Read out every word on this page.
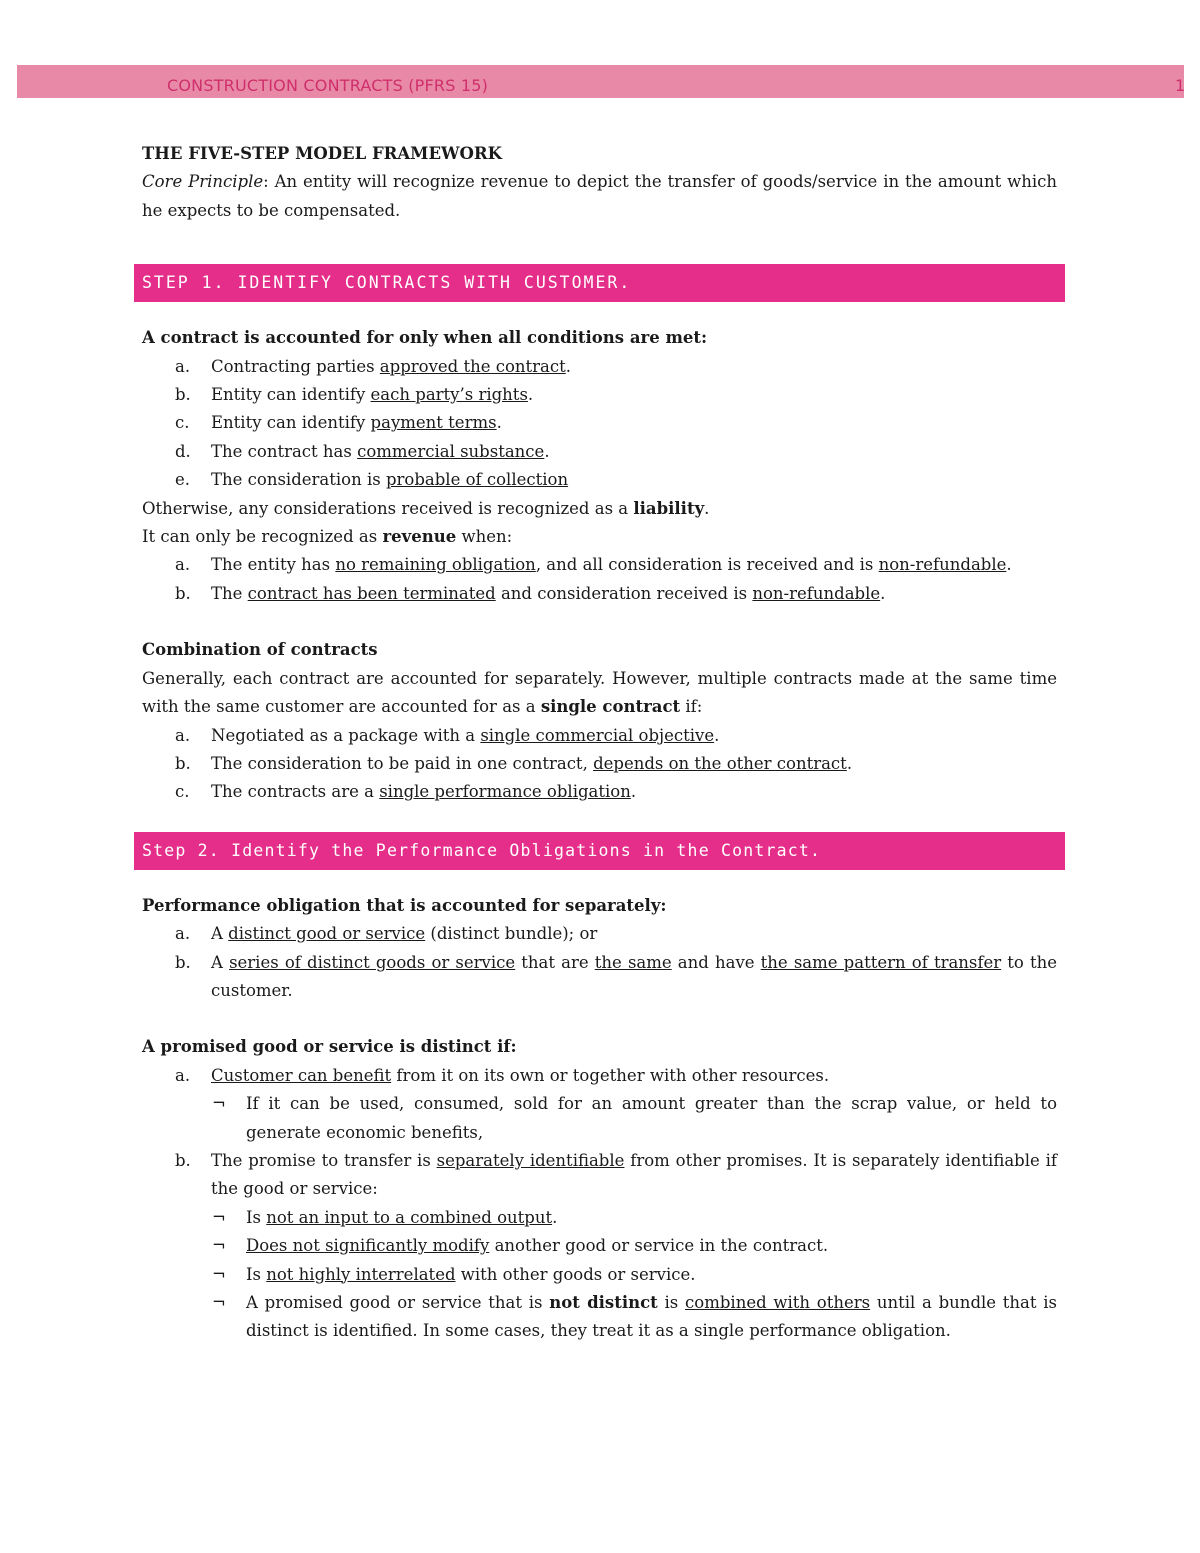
CONSTRUCTION CONTRACTS (PFRS 15)	1

THE FIVE-STEP MODEL FRAMEWORK

Core Principle: An entity will recognize revenue to depict the transfer of goods/service in the amount which he expects to be compensated.

STEP 1. IDENTIFY CONTRACTS WITH CUSTOMER.

A contract is accounted for only when all conditions are met:

a.	Contracting parties approved the contract.
b.	Entity can identify each party’s rights.
c.	Entity can identify payment terms.
d.	The contract has commercial substance.
e.	The consideration is probable of collection

Otherwise, any considerations received is recognized as a liability.

It can only be recognized as revenue when:

a.	The entity has no remaining obligation, and all consideration is received and is non-refundable.
b.	The contract has been terminated and consideration received is non-refundable.

Combination of contracts

Generally, each contract are accounted for separately. However, multiple contracts made at the same time with the same customer are accounted for as a single contract if:

a.	Negotiated as a package with a single commercial objective.
b.	The consideration to be paid in one contract, depends on the other contract.
c.	The contracts are a single performance obligation.
Step 2. Identify the Performance Obligations in the Contract.

Performance obligation that is accounted for separately:

a.	A distinct good or service (distinct bundle); or
b.	A series of distinct goods or service that are the same and have the same pattern of transfer to the customer.

A promised good or service is distinct if:

a.	Customer can benefit from it on its own or together with other resources.
¬	If it can be used, consumed, sold for an amount greater than the scrap value, or held to generate economic benefits,
b.	The promise to transfer is separately identifiable from other promises. It is separately identifiable if the good or service:
¬	Is not an input to a combined output.
¬	Does not significantly modify another good or service in the contract.
¬	Is not highly interrelated with other goods or service.
¬	A promised good or service that is not distinct is combined with others until a bundle that is distinct is identified. In some cases, they treat it as a single performance obligation.
